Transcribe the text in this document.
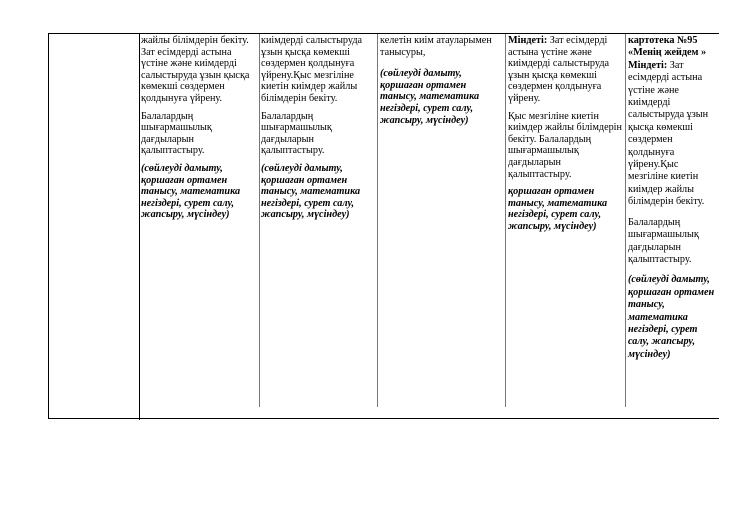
жайлы білімдерін бекіту. Зат есімдерді астына үстіне және киімдерді салыстыруда ұзын қысқа көмекші сөздермен қолдынуға үйрену.

Балалардың шығармашылық дағдыларын қалыптастыру.

(сөйлеуді дамыту, қоршаған ортамен танысу, математика негіздері, сурет салу, жапсыру, мүсіндеу)

киімдерді салыстыруда ұзын қысқа көмекші сөздермен қолдынуға үйрену.Қыс мезгіліне киетін киімдер жайлы білімдерін бекіту.

Балалардың шығармашылық дағдыларын қалыптастыру.

(сөйлеуді дамыту, қоршаған ортамен танысу, математика негіздері, сурет салу, жапсыру, мүсіндеу)

келетін киім атауларымен танысуры,

(сөйлеуді дамыту, қоршаған ортамен танысу, математика негіздері, сурет салу, жапсыру, мүсіндеу)

Міндеті: Зат есімдерді астына үстіне және киімдерді салыстыруда ұзын қысқа көмекші сөздермен қолдынуға үйрену.

Қыс мезгіліне киетін киімдер жайлы білімдерін бекіту. Балалардың шығармашылық дағдыларын қалыптастыру.

қоршаған ортамен танысу, математика негіздері, сурет салу, жапсыру, мүсіндеу)

картотека №95 «Менің жейдем »
Міндеті: Зат есімдерді астына үстіне және киімдерді салыстыруда ұзын қысқа көмекші сөздермен қолдынуға үйрену.Қыс мезгіліне киетін киімдер жайлы білімдерін бекіту.

Балалардың шығармашылық дағдыларын қалыптастыру.

(сөйлеуді дамыту, қоршаған ортамен танысу, математика негіздері, сурет салу, жапсыру, мүсіндеу)
